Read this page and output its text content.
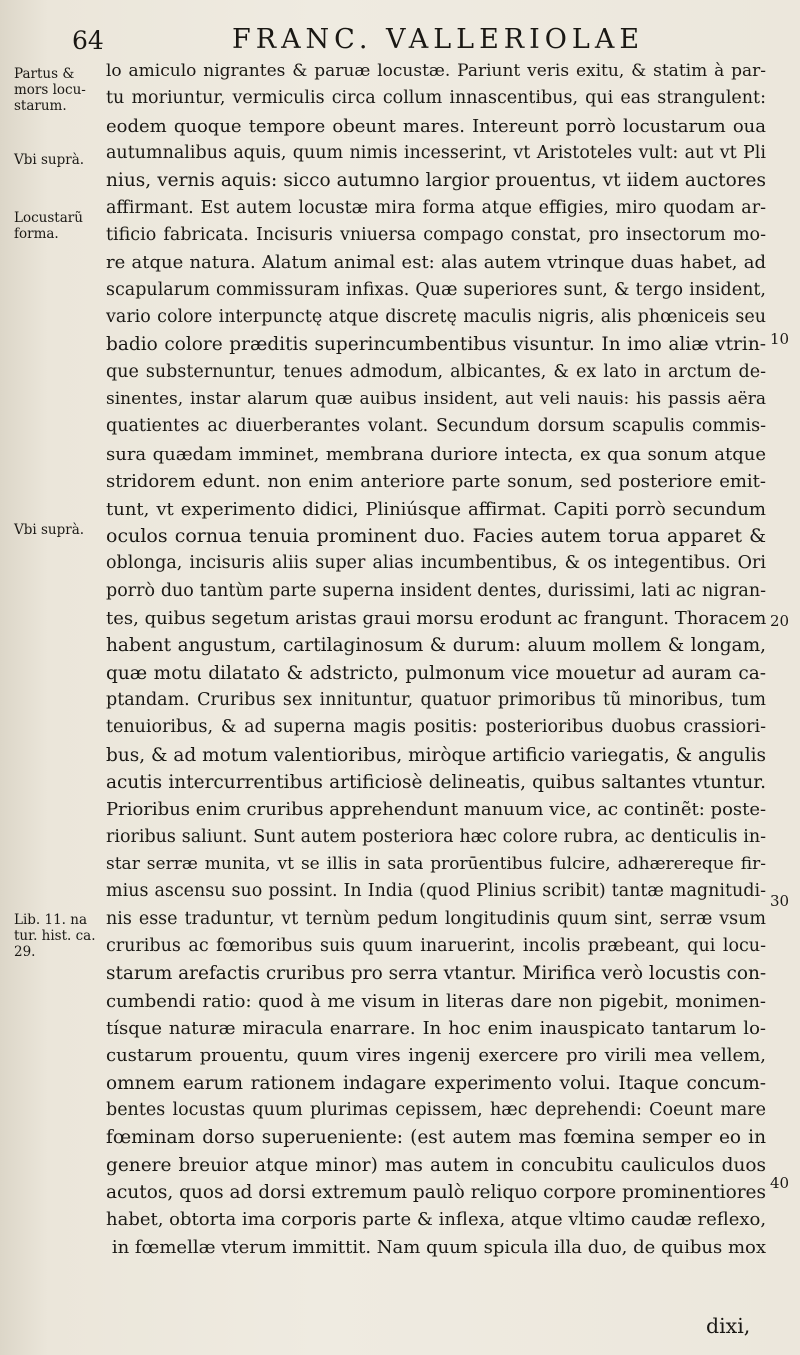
64	FRANC. VALLERIOLAE
Partus &
mors locu-
starum.
Vbi suprà.
Locustarũ
forma.
Vbi suprà.
Lib. 11. na
tur. hist. ca.
29.
10
20
30
40
lo amiculo nigrantes & paruæ locustæ. Pariunt veris exitu, & statim à par-
tu moriuntur, vermiculis circa collum innascentibus, qui eas strangulent:
eodem quoque tempore obeunt mares. Intereunt porrò locustarum oua
autumnalibus aquis, quum nimis incesserint, vt Aristoteles vult: aut vt Pli
nius, vernis aquis: sicco autumno largior prouentus, vt iidem auctores
affirmant. Est autem locustæ mira forma atque effigies, miro quodam ar-
tificio fabricata. Incisuris vniuersa compago constat, pro insectorum mo-
re atque natura. Alatum animal est: alas autem vtrinque duas habet, ad
scapularum commissuram infixas. Quæ superiores sunt, & tergo insident,
vario colore interpunctę atque discretę maculis nigris, alis phœniceis seu
badio colore præditis superincumbentibus visuntur. In imo aliæ vtrin-
que substernuntur, tenues admodum, albicantes, & ex lato in arctum de-
sinentes, instar alarum quæ auibus insident, aut veli nauis: his passis aëra
quatientes ac diuerberantes volant. Secundum dorsum scapulis commis-
sura quædam imminet, membrana duriore intecta, ex qua sonum atque
stridorem edunt. non enim anteriore parte sonum, sed posteriore emit-
tunt, vt experimento didici, Pliniúsque affirmat. Capiti porrò secundum
oculos cornua tenuia prominent duo. Facies autem torua apparet &
oblonga, incisuris aliis super alias incumbentibus, & os integentibus. Ori
porrò duo tantùm parte superna insident dentes, durissimi, lati ac nigran-
tes, quibus segetum aristas graui morsu erodunt ac frangunt. Thoracem
habent angustum, cartilaginosum & durum: aluum mollem & longam,
quæ motu dilatato & adstricto, pulmonum vice mouetur ad auram ca-
ptandam. Cruribus sex innituntur, quatuor primoribus tũ minoribus, tum
tenuioribus, & ad superna magis positis: posterioribus duobus crassiori-
bus, & ad motum valentioribus, miròque artificio variegatis, & angulis
acutis intercurrentibus artificiosè delineatis, quibus saltantes vtuntur.
Prioribus enim cruribus apprehendunt manuum vice, ac continẽt: poste-
rioribus saliunt. Sunt autem posteriora hæc colore rubra, ac denticulis in-
star serræ munita, vt se illis in sata prorūentibus fulcire, adhærereque fir-
mius ascensu suo possint. In India (quod Plinius scribit) tantæ magnitudi-
nis esse traduntur, vt ternùm pedum longitudinis quum sint, serræ vsum
cruribus ac fœmoribus suis quum inaruerint, incolis præbeant, qui locu-
starum arefactis cruribus pro serra vtantur. Mirifica verò locustis con-
cumbendi ratio: quod à me visum in literas dare non pigebit, monimen-
tísque naturæ miracula enarrare. In hoc enim inauspicato tantarum lo-
custarum prouentu, quum vires ingenij exercere pro virili mea vellem,
omnem earum rationem indagare experimento volui. Itaque concum-
bentes locustas quum plurimas cepissem, hæc deprehendi: Coeunt mare
fœminam dorso superueniente: (est autem mas fœmina semper eo in
genere breuior atque minor) mas autem in concubitu cauliculos duos
acutos, quos ad dorsi extremum paulò reliquo corpore prominentiores
habet, obtorta ima corporis parte & inflexa, atque vltimo caudæ reflexo,
in fœmellæ vterum immittit. Nam quum spicula illa duo, de quibus mox
dixi,
